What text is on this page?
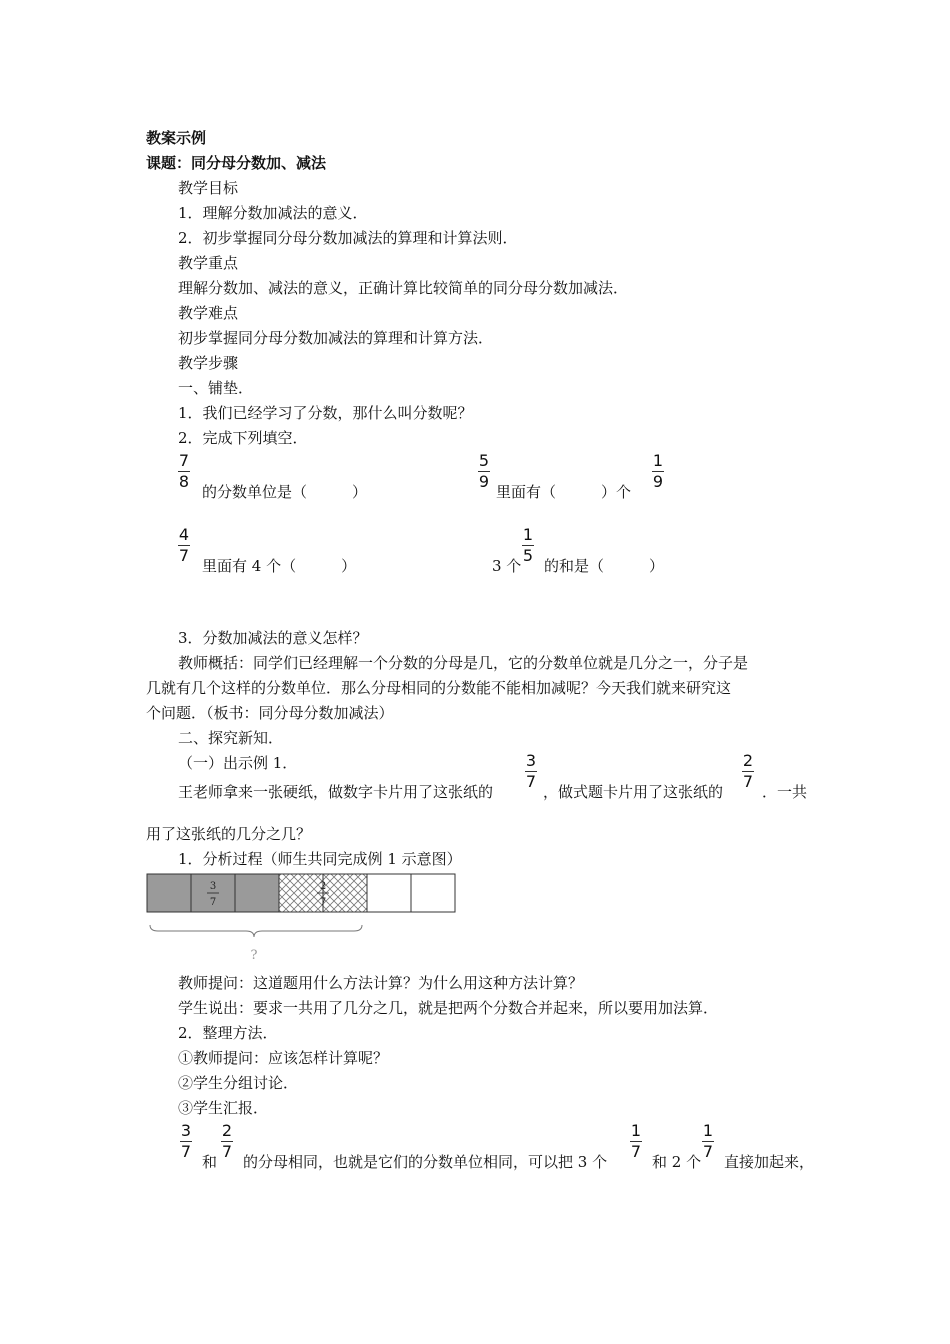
教案示例
课题：同分母分数加、减法
教学目标
1．理解分数加减法的意义．
2．初步掌握同分母分数加减法的算理和计算法则．
教学重点
理解分数加、减法的意义，正确计算比较简单的同分母分数加减法．
教学难点
初步掌握同分母分数加减法的算理和计算方法．
教学步骤
一、铺垫．
1．我们已经学习了分数，那什么叫分数呢？
2．完成下列填空．
7
8
的分数单位是（　　　）
5
9
里面有（　　　）个
1
9
4
7
里面有 4 个（　　　）	3 个
1
5
的和是（　　　）
3．分数加减法的意义怎样？
教师概括：同学们已经理解一个分数的分母是几，它的分数单位就是几分之一，分子是
几就有几个这样的分数单位．那么分母相同的分数能不能相加减呢？今天我们就来研究这
个问题．（板书：同分母分数加减法）
二、探究新知．
（一）出示例 1．
王老师拿来一张硬纸，做数字卡片用了这张纸的
3
7
，做式题卡片用了这张纸的
2
7
．一共
用了这张纸的几分之几？
1．分析过程（师生共同完成例 1 示意图）
3
7
2
7
?
教师提问：这道题用什么方法计算？为什么用这种方法计算？
学生说出：要求一共用了几分之几，就是把两个分数合并起来，所以要用加法算．
2．整理方法．
①教师提问：应该怎样计算呢？
②学生分组讨论．
③学生汇报．
3
7
和
2
7
的分母相同，也就是它们的分数单位相同，可以把 3 个
1
7
和 2 个
1
7
直接加起来，
